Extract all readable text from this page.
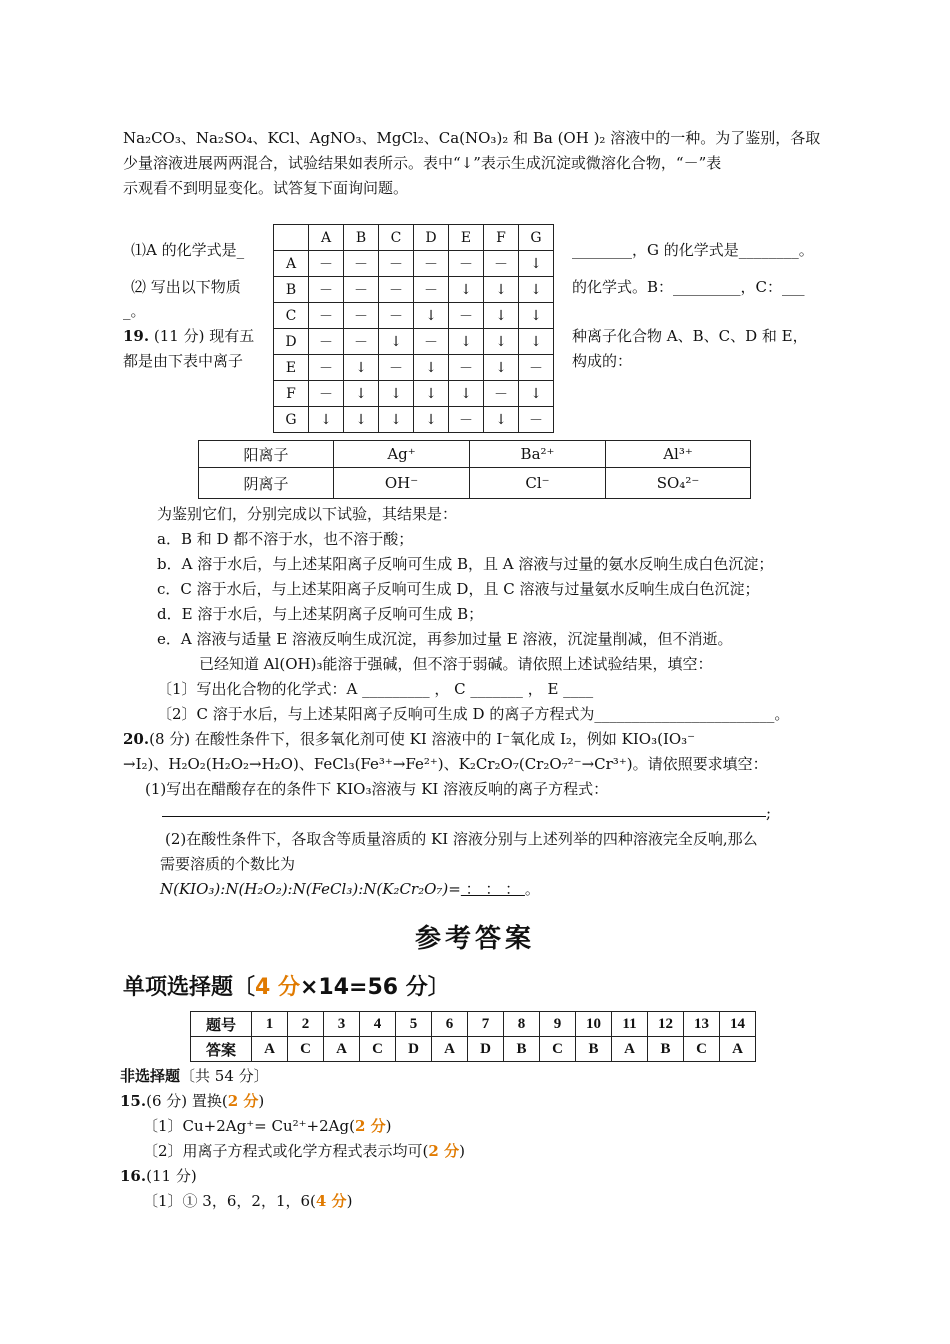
Na₂CO₃、Na₂SO₄、KCl、AgNO₃、MgCl₂、Ca(NO₃)₂ 和 Ba (OH )₂ 溶液中的一种。为了鉴别，各取
少量溶液进展两两混合，试验结果如表所示。表中“↓”表示生成沉淀或微溶化合物，“－”表
示观看不到明显变化。试答复下面询问题。
⑴A 的化学式是_	________，G 的化学式是________。
⑵ 写出以下物质	的化学式。B：_________，C：___
_。
	A	B	C	D	E	F	G
A	－	－	－	－	－	－	↓
B	－	－	－	－	↓	↓	↓
C	－	－	－	↓	－	↓	↓
D	－	－	↓	－	↓	↓	↓
E	－	↓	－	↓	－	↓	－
F	－	↓	↓	↓	↓	－	↓
G	↓	↓	↓	↓	－	↓	－
19. (11 分) 现有五	种离子化合物 A、B、C、D 和 E，
都是由下表中离子	构成的：
阳离子	Ag⁺	Ba²⁺	Al³⁺
阴离子	OH⁻	Cl⁻	SO₄²⁻
为鉴别它们，分别完成以下试验，其结果是：
a．B 和 D 都不溶于水，也不溶于酸；
b．A 溶于水后，与上述某阳离子反响可生成 B，且 A 溶液与过量的氨水反响生成白色沉淀；
c．C 溶于水后，与上述某阳离子反响可生成 D，且 C 溶液与过量氨水反响生成白色沉淀；
d．E 溶于水后，与上述某阴离子反响可生成 B；
e．A 溶液与适量 E 溶液反响生成沉淀，再参加过量 E 溶液，沉淀量削减，但不消逝。
已经知道 Al(OH)₃能溶于强碱，但不溶于弱碱。请依照上述试验结果，填空：
〔1〕写出化合物的化学式：A _________ ， C _______ ， E ____
〔2〕C 溶于水后，与上述某阳离子反响可生成 D 的离子方程式为________________________。
20.(8 分) 在酸性条件下，很多氧化剂可使 KI 溶液中的 I⁻氧化成 I₂，例如 KIO₃(IO₃⁻
→I₂)、H₂O₂(H₂O₂→H₂O)、FeCl₃(Fe³⁺→Fe²⁺)、K₂Cr₂O₇(Cr₂O₇²⁻→Cr³⁺)。请依照要求填空：
(1)写出在醋酸存在的条件下 KIO₃溶液与 KI 溶液反响的离子方程式：
;
(2)在酸性条件下，各取含等质量溶质的 KI 溶液分别与上述列举的四种溶液完全反响,那么
需要溶质的个数比为
N(KIO₃):N(H₂O₂):N(FeCl₃):N(K₂Cr₂O₇)= ： ： ： 。
参考答案
单项选择题〔4 分×14=56 分〕
题号	1	2	3	4	5	6	7	8	9	10	11	12	13	14
答案	A	C	A	C	D	A	D	B	C	B	A	B	C	A
非选择题〔共 54 分〕
15.(6 分) 置换(2 分)
〔1〕Cu+2Ag⁺= Cu²⁺+2Ag(2 分)
〔2〕用离子方程式或化学方程式表示均可(2 分)
16.(11 分)
〔1〕① 3，6，2，1，6(4 分)
